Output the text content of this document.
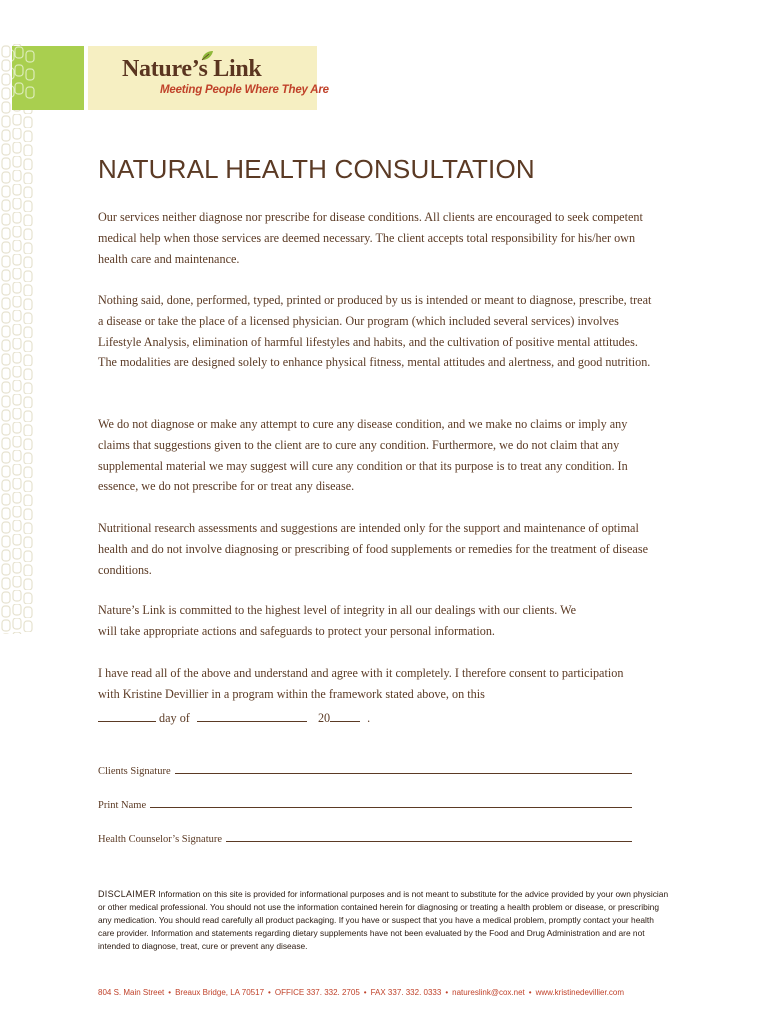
Nature’s Link
Meeting People Where They Are
NATURAL HEALTH CONSULTATION
Our services neither diagnose nor prescribe for disease conditions. All clients are encouraged to seek competent medical help when those services are deemed necessary. The client accepts total responsibility for his/her own health care and maintenance.
Nothing said, done, performed, typed, printed or produced by us is intended or meant to diagnose, prescribe, treat a disease or take the place of a licensed physician. Our program (which included several services) involves Lifestyle Analysis, elimination of harmful lifestyles and habits, and the cultivation of positive mental attitudes. The modalities are designed solely to enhance physical fitness, mental attitudes and alertness, and good nutrition.
We do not diagnose or make any attempt to cure any disease condition, and we make no claims or imply any claims that suggestions given to the client are to cure any condition. Furthermore, we do not claim that any supplemental material we may suggest will cure any condition or that its purpose is to treat any condition. In essence, we do not prescribe for or treat any disease.
Nutritional research assessments and suggestions are intended only for the support and maintenance of optimal health and do not involve diagnosing or prescribing of food supplements or remedies for the treatment of disease conditions.
Nature’s Link is committed to the highest level of integrity in all our dealings with our clients. We will take appropriate actions and safeguards to protect your personal information.
I have read all of the above and understand and agree with it completely. I therefore consent to participation with Kristine Devillier in a program within the framework stated above, on this
day of	20	.
Clients Signature
Print Name
Health Counselor’s Signature
DISCLAIMER Information on this site is provided for informational purposes and is not meant to substitute for the advice provided by your own physician or other medical professional. You should not use the information contained herein for diagnosing or treating a health problem or disease, or prescribing any medication. You should read carefully all product packaging. If you have or suspect that you have a medical problem, promptly contact your health care provider. Information and statements regarding dietary supplements have not been evaluated by the Food and Drug Administration and are not intended to diagnose, treat, cure or prevent any disease.
804 S. Main Street • Breaux Bridge, LA 70517 • OFFICE 337. 332. 2705 • FAX 337. 332. 0333 • natureslink@cox.net • www.kristinedevillier.com
